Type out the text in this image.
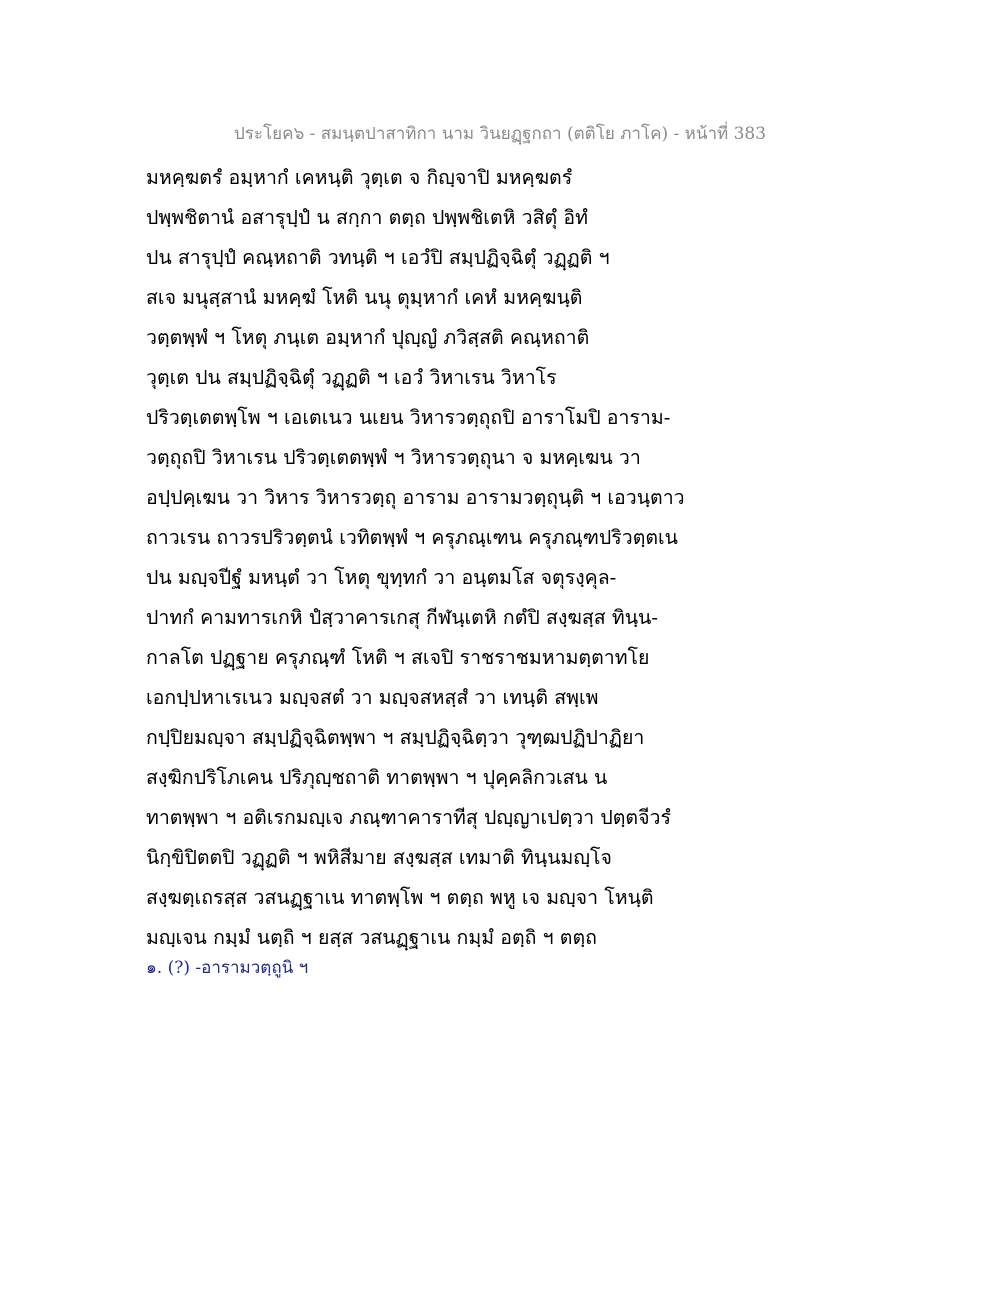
ประโยค๖ - สมนฺตปาสาทิกา นาม วินยฏฺฐกถา (ตติโย ภาโค) - หน้าที่ 383
มหคฺฆตรํ อมฺหากํ เคหนฺติ วุตฺเต จ กิญฺจาปิ มหคฺฆตรํ
ปพฺพชิตานํ อสารุปฺปํ น สกฺกา ตตฺถ ปพฺพชิเตหิ วสิตุํ อิทํ
ปน สารุปฺปํ คณฺหถาติ วทนฺติ ฯ เอวํปิ สมฺปฏิจฺฉิตุํ วฏฺฏติ ฯ
สเจ มนุสฺสานํ มหคฺฆํ โหติ นนุ ตุมฺหากํ เคหํ มหคฺฆนฺติ
วตฺตพฺพํ ฯ โหตุ ภนฺเต อมฺหากํ ปุญฺญํ ภวิสฺสติ คณฺหถาติ
วุตฺเต ปน สมฺปฏิจฺฉิตุํ วฏฺฏติ ฯ เอวํ วิหาเรน วิหาโร
ปริวตฺเตตพฺโพ ฯ เอเตเนว นเยน วิหารวตฺถุถปิ อาราโมปิ อาราม-
วตฺถุถปิ วิหาเรน ปริวตฺเตตพฺพํ ฯ วิหารวตฺถุนา จ มหคฺเฆน วา
อปฺปคฺเฆน วา วิหาร วิหารวตฺถุ อาราม อารามวตฺถุนฺติ ฯ เอวนฺตาว
ถาวเรน ถาวรปริวตฺตนํ เวทิตพฺพํ ฯ ครุภณฺเฑน ครุภณฺฑปริวตฺตเน
ปน มญฺจปีฐํ มหนฺตํ วา โหตุ ขุทฺทกํ วา อนฺตมโส จตุรงฺคุล-
ปาทกํ คามทารเกหิ ปํสฺวาคารเกสุ กีฬนฺเตหิ กตํปิ สงฺฆสฺส ทินฺน-
กาลโต ปฏฺฐาย ครุภณฺฑํ โหติ ฯ สเจปิ ราชราชมหามตฺตาทโย
เอกปฺปหาเรเนว มญฺจสตํ วา มญฺจสหสฺสํ วา เทนฺติ สพฺเพ
กปฺปิยมญฺจา สมฺปฏิจฺฉิตพฺพา ฯ สมฺปฏิจฺฉิตฺวา วุฑฺฒปฏิปาฏิยา
สงฺฆิกปริโภเคน ปริภุญฺชถาติ ทาตพฺพา ฯ ปุคฺคลิกวเสน น
ทาตพฺพา ฯ อติเรกมญฺเจ ภณฺฑาคาราทีสุ ปญฺญาเปตฺวา ปตฺตจีวรํ
นิกฺขิปิตตปิ วฏฺฏติ ฯ พหิสีมาย สงฺฆสฺส เทมาติ ทินฺนมญฺโจ
สงฺฆตฺเถรสฺส วสนฏฺฐาเน ทาตพฺโพ ฯ ตตฺถ พหู เจ มญฺจา โหนฺติ
มญฺเจน กมฺมํ นตฺถิ ฯ ยสฺส วสนฏฺฐาเน กมฺมํ อตฺถิ ฯ ตตฺถ
๑. (?) -อารามวตฺถูนิ ฯ
